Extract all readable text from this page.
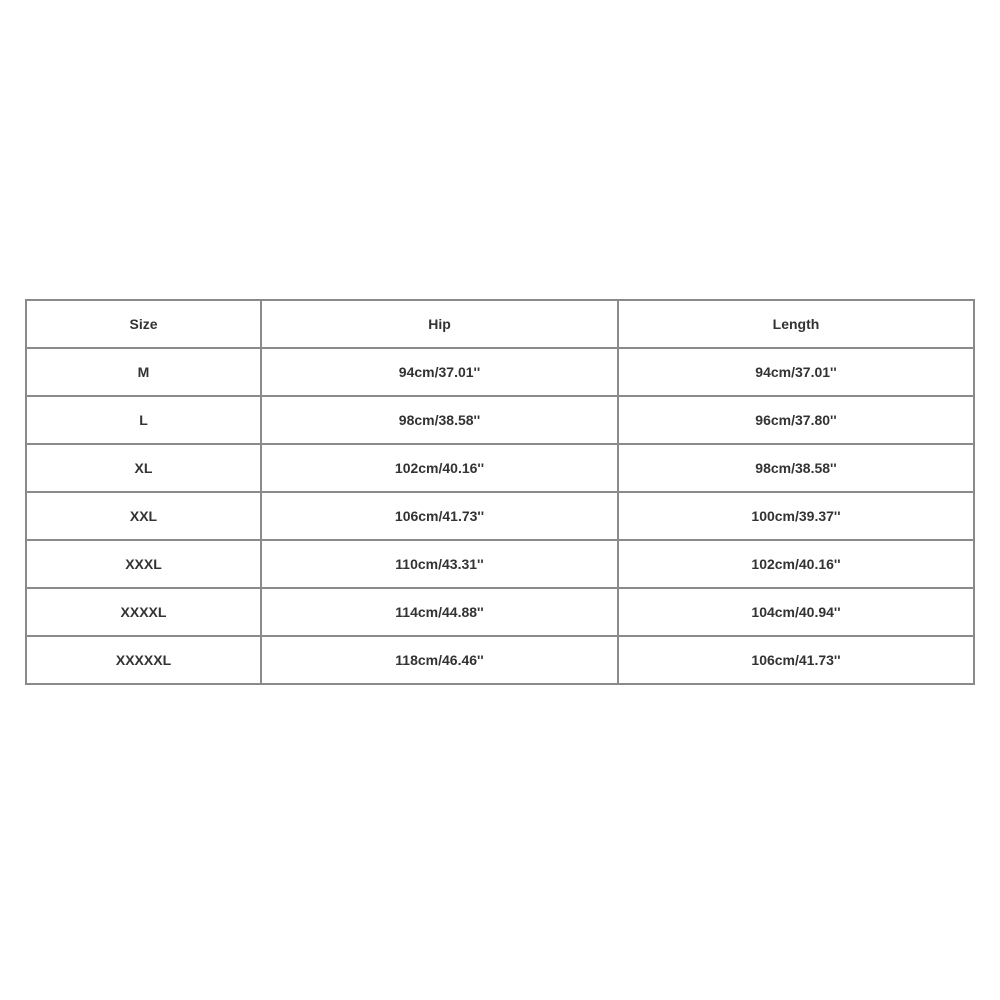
Size	Hip	Length
M	94cm/37.01''	94cm/37.01''
L	98cm/38.58''	96cm/37.80''
XL	102cm/40.16''	98cm/38.58''
XXL	106cm/41.73''	100cm/39.37''
XXXL	110cm/43.31''	102cm/40.16''
XXXXL	114cm/44.88''	104cm/40.94''
XXXXXL	118cm/46.46''	106cm/41.73''
